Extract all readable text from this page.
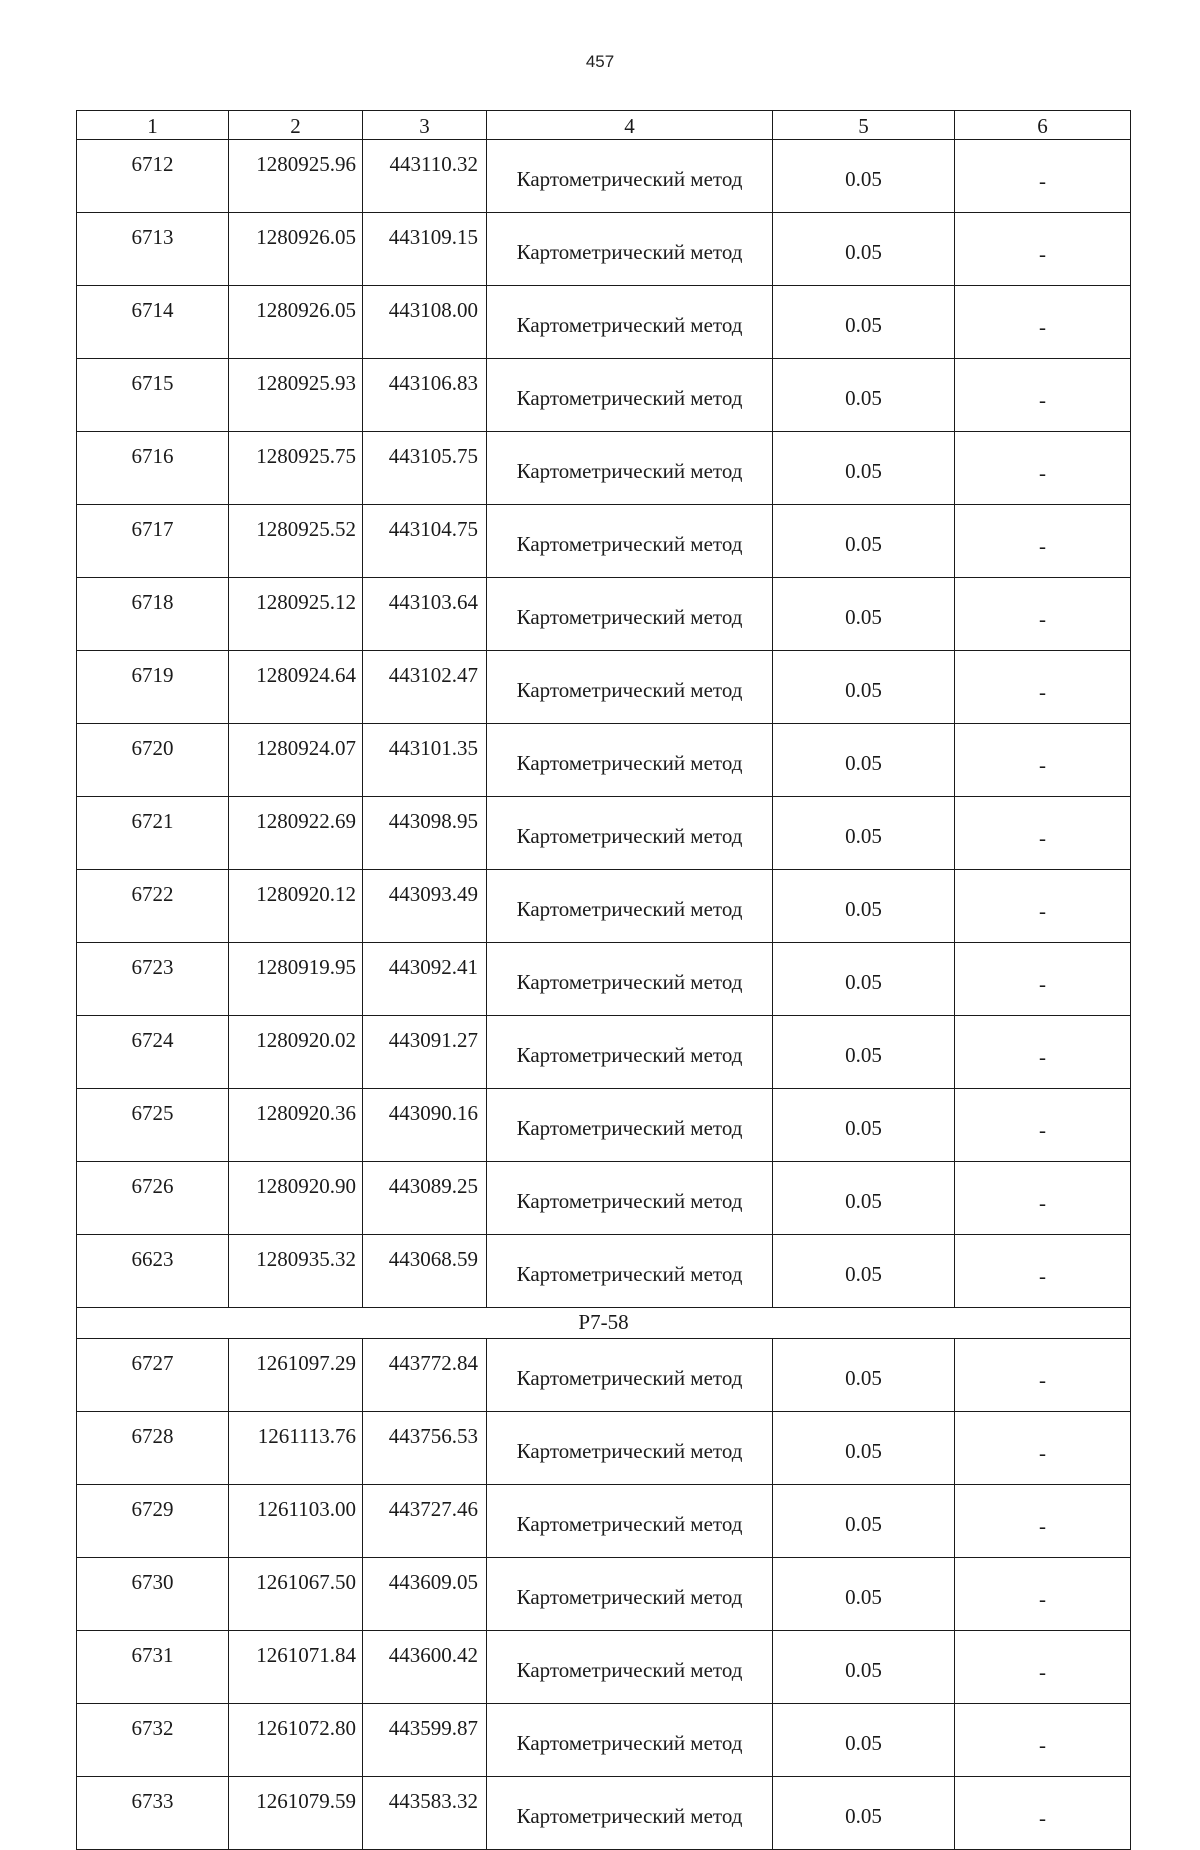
457
1	2	3	4	5	6
6712	1280925.96	443110.32	Картометрический метод	0.05	-
6713	1280926.05	443109.15	Картометрический метод	0.05	-
6714	1280926.05	443108.00	Картометрический метод	0.05	-
6715	1280925.93	443106.83	Картометрический метод	0.05	-
6716	1280925.75	443105.75	Картометрический метод	0.05	-
6717	1280925.52	443104.75	Картометрический метод	0.05	-
6718	1280925.12	443103.64	Картометрический метод	0.05	-
6719	1280924.64	443102.47	Картометрический метод	0.05	-
6720	1280924.07	443101.35	Картометрический метод	0.05	-
6721	1280922.69	443098.95	Картометрический метод	0.05	-
6722	1280920.12	443093.49	Картометрический метод	0.05	-
6723	1280919.95	443092.41	Картометрический метод	0.05	-
6724	1280920.02	443091.27	Картометрический метод	0.05	-
6725	1280920.36	443090.16	Картометрический метод	0.05	-
6726	1280920.90	443089.25	Картометрический метод	0.05	-
6623	1280935.32	443068.59	Картометрический метод	0.05	-
Р7-58					
6727	1261097.29	443772.84	Картометрический метод	0.05	-
6728	1261113.76	443756.53	Картометрический метод	0.05	-
6729	1261103.00	443727.46	Картометрический метод	0.05	-
6730	1261067.50	443609.05	Картометрический метод	0.05	-
6731	1261071.84	443600.42	Картометрический метод	0.05	-
6732	1261072.80	443599.87	Картометрический метод	0.05	-
6733	1261079.59	443583.32	Картометрический метод	0.05	-
